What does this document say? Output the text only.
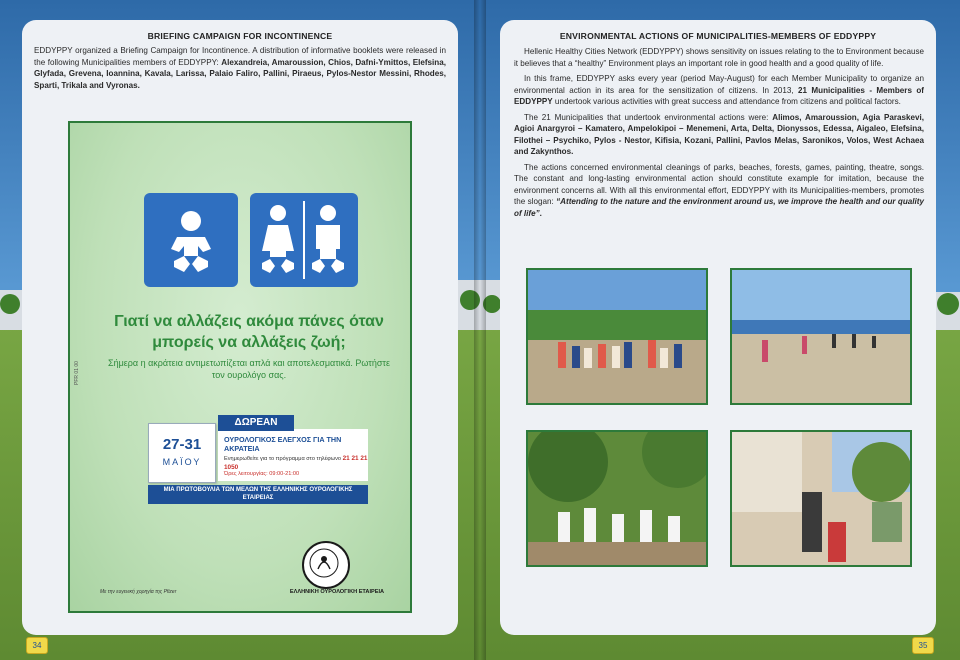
BRIEFING CAMPAIGN FOR INCONTINENCE

EDDYPPY organized a Briefing Campaign for Incontinence. A distribution of informative booklets were released in the following Municipalities members of EDDYPPY: Alexandreia, Amaroussion, Chios, Dafni-Ymittos, Elefsina, Glyfada, Grevena, Ioannina, Kavala, Larissa, Palaio Faliro, Pallini, Piraeus, Pylos-Nestor Messini, Rhodes, Sparti, Trikala and Vyronas.

Γιατί να αλλάζεις ακόμα πάνες όταν μπορείς να αλλάξεις ζωή;
Σήμερα η ακράτεια αντιμετωπίζεται απλά και αποτελεσματικά. Ρωτήστε τον ουρολόγο σας.
PFR 01 00
27-31
ΜΑΪΟΥ
ΔΩΡΕΑΝ
ΟΥΡΟΛΟΓΙΚΟΣ ΕΛΕΓΧΟΣ ΓΙΑ ΤΗΝ ΑΚΡΑΤΕΙΑ
Ενημερωθείτε για το πρόγραμμα στο τηλέφωνο 21 21 21 1050
Ώρες λειτουργίας: 09:00-21:00
ΜΙΑ ΠΡΩΤΟΒΟΥΛΙΑ ΤΩΝ ΜΕΛΩΝ ΤΗΣ ΕΛΛΗΝΙΚΗΣ ΟΥΡΟΛΟΓΙΚΗΣ ΕΤΑΙΡΕΙΑΣ
Με την ευγενική χορηγία της Pfizer	ΕΛΛΗΝΙΚΗ ΟΥΡΟΛΟΓΙΚΗ ΕΤΑΙΡΕΙΑ
ENVIRONMENTAL ACTIONS OF MUNICIPALITIES-MEMBERS OF EDDYPPY

Hellenic Healthy Cities Network (EDDYPPY) shows sensitivity on issues relating to the to Environment because it believes that a “healthy” Environment plays an important role in good health and a good quality of life.

In this frame, EDDYPPY asks every year (period May-August) for each Member Municipality to organize an environmental action in its area for the sensitization of citizens. In 2013, 21 Municipalities - Members of EDDYPPY undertook various activities with great success and attendance from citizens and political factors.

The 21 Municipalities that undertook environmental actions were: Alimos, Amaroussion, Agia Paraskevi, Agioi Anargyroi – Kamatero, Ampelokipoi – Menemeni, Arta, Delta, Dionyssos, Edessa, Aigaleo, Elefsina, Filothei – Psychiko, Pylos - Nestor, Kifisia, Kozani, Pallini, Pavlos Melas, Saronikos, Volos, West Achaea and Zakynthos.

The actions concerned environmental cleanings of parks, beaches, forests, games, painting, theatre, songs. The constant and long-lasting environmental action should constitute example for imitation, because the environment concerns all. With all this environmental effort, EDDYPPY with its Municipalities-members, promotes the slogan: “Attending to the nature and the environment around us, we improve the health and our quality of life”.

34	35
